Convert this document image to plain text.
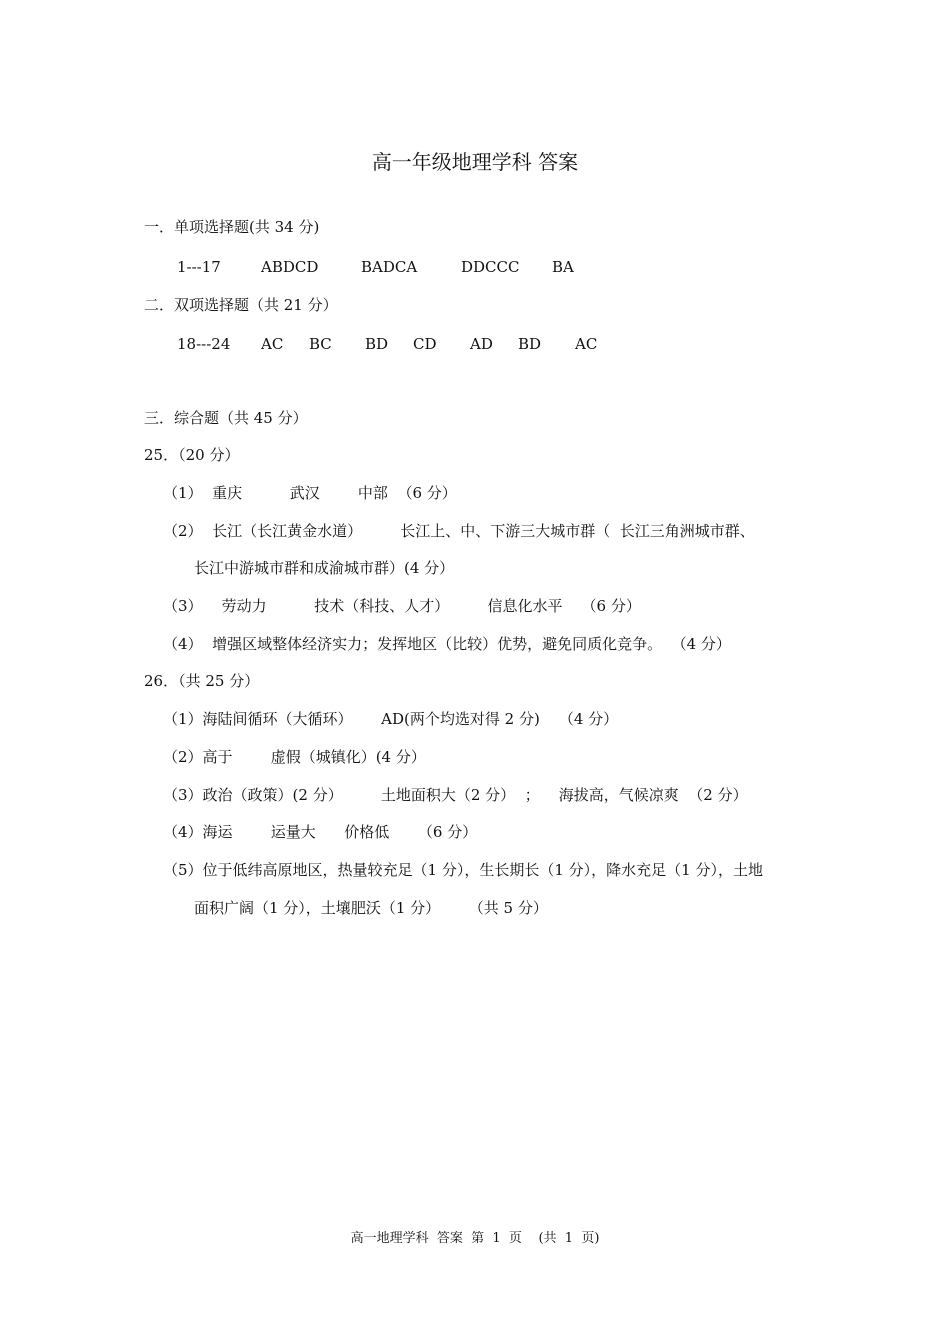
高一年级地理学科 答案
一．单项选择题(共 34 分)
1---17	ABDCD	BADCA	DDCCC BA
二．双项选择题（共 21 分）
18---24 AC BC BD CD AD BD AC
三．综合题（共 45 分）
25．（20 分）
（1）  重庆          武汉        中部  （6 分）
（2）  长江（长江黄金水道）        长江上、中、下游三大城市群（  长江三角洲城市群、
长江中游城市群和成渝城市群）(4 分）
（3）    劳动力          技术（科技、人才）        信息化水平    （6 分）
（4）  增强区域整体经济实力；发挥地区（比较）优势，避免同质化竞争。  （4 分）
26．（共 25 分）
（1）海陆间循环（大循环）      AD(两个均选对得 2 分)    （4 分）
（2）高于        虚假（城镇化）(4 分）
（3）政治（政策）(2 分）        土地面积大（2 分）  ；    海拔高，气候凉爽  （2 分）
（4）海运        运量大      价格低      （6 分）
（5）位于低纬高原地区，热量较充足（1 分），生长期长（1 分），降水充足（1 分），土地
面积广阔（1 分），土壤肥沃（1 分）      （共 5 分）
高一地理学科  答案  第  1  页    (共  1  页)
